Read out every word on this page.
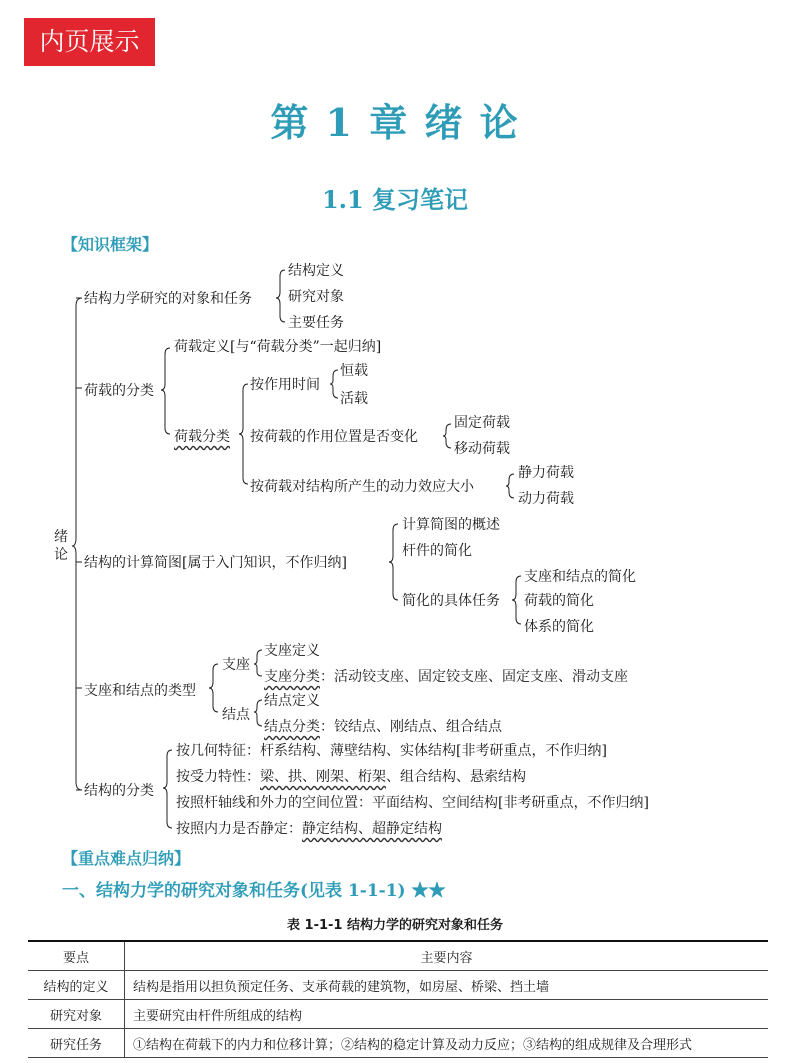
内页展示
第 1 章 绪 论
1.1 复习笔记
【知识框架】
绪论
结构力学研究的对象和任务
结构定义
研究对象
主要任务
荷载的分类
荷载定义[与“荷载分类”一起归纳]
荷载分类
按作用时间
恒载
活载
按荷载的作用位置是否变化
固定荷载
移动荷载
按荷载对结构所产生的动力效应大小
静力荷载
动力荷载
结构的计算简图[属于入门知识，不作归纳]
计算简图的概述
杆件的简化
简化的具体任务
支座和结点的简化
荷载的简化
体系的简化
支座和结点的类型
支座
支座定义
支座分类：活动铰支座、固定铰支座、固定支座、滑动支座
结点
结点定义
结点分类：铰结点、刚结点、组合结点
结构的分类
按几何特征：杆系结构、薄壁结构、实体结构[非考研重点，不作归纳]
按受力特性：梁、拱、刚架、桁架、组合结构、悬索结构
按照杆轴线和外力的空间位置：平面结构、空间结构[非考研重点，不作归纳]
按照内力是否静定：静定结构、超静定结构
【重点难点归纳】
一、结构力学的研究对象和任务(见表 1-1-1) ★★
表 1-1-1 结构力学的研究对象和任务
要点	主要内容
结构的定义	结构是指用以担负预定任务、支承荷载的建筑物，如房屋、桥梁、挡土墙
研究对象	主要研究由杆件所组成的结构
研究任务	①结构在荷载下的内力和位移计算；②结构的稳定计算及动力反应；③结构的组成规律及合理形式
